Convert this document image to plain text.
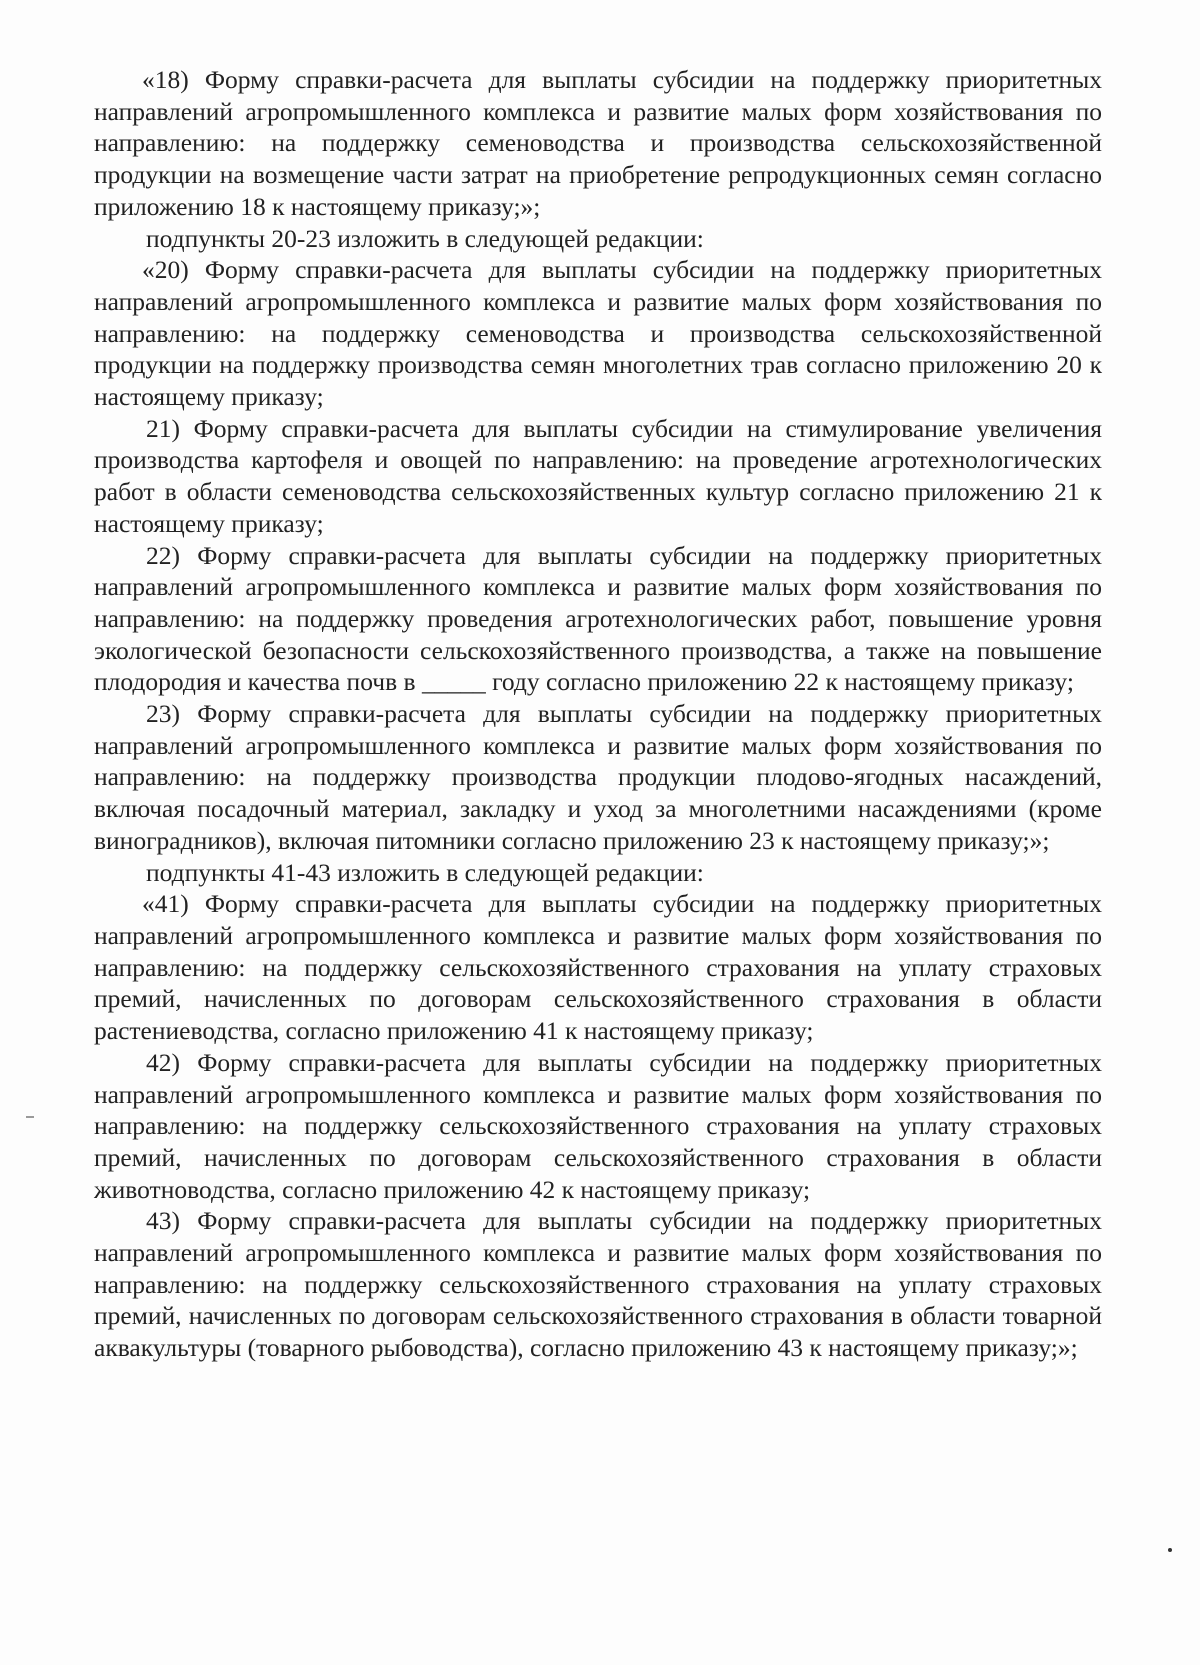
«18) Форму справки-расчета для выплаты субсидии на поддержку приоритетных направлений агропромышленного комплекса и развитие малых форм хозяйствования по направлению: на поддержку семеноводства и производства сельскохозяйственной продукции на возмещение части затрат на приобретение репродукционных семян согласно приложению 18 к настоящему приказу;»;

подпункты 20-23 изложить в следующей редакции:

«20) Форму справки-расчета для выплаты субсидии на поддержку приоритетных направлений агропромышленного комплекса и развитие малых форм хозяйствования по направлению: на поддержку семеноводства и производства сельскохозяйственной продукции на поддержку производства семян многолетних трав согласно приложению 20 к настоящему приказу;

21) Форму справки-расчета для выплаты субсидии на стимулирование увеличения производства картофеля и овощей по направлению: на проведение агротехнологических работ в области семеноводства сельскохозяйственных культур согласно приложению 21 к настоящему приказу;

22) Форму справки-расчета для выплаты субсидии на поддержку приоритетных направлений агропромышленного комплекса и развитие малых форм хозяйствования по направлению: на поддержку проведения агротехнологических работ, повышение уровня экологической безопасности сельскохозяйственного производства, а также на повышение плодородия и качества почв в _____ году согласно приложению 22 к настоящему приказу;

23) Форму справки-расчета для выплаты субсидии на поддержку приоритетных направлений агропромышленного комплекса и развитие малых форм хозяйствования по направлению: на поддержку производства продукции плодово-ягодных насаждений, включая посадочный материал, закладку и уход за многолетними насаждениями (кроме виноградников), включая питомники согласно приложению 23 к настоящему приказу;»;

подпункты 41-43 изложить в следующей редакции:

«41) Форму справки-расчета для выплаты субсидии на поддержку приоритетных направлений агропромышленного комплекса и развитие малых форм хозяйствования по направлению: на поддержку сельскохозяйственного страхования на уплату страховых премий, начисленных по договорам сельскохозяйственного страхования в области растениеводства, согласно приложению 41 к настоящему приказу;

42) Форму справки-расчета для выплаты субсидии на поддержку приоритетных направлений агропромышленного комплекса и развитие малых форм хозяйствования по направлению: на поддержку сельскохозяйственного страхования на уплату страховых премий, начисленных по договорам сельскохозяйственного страхования в области животноводства, согласно приложению 42 к настоящему приказу;

43) Форму справки-расчета для выплаты субсидии на поддержку приоритетных направлений агропромышленного комплекса и развитие малых форм хозяйствования по направлению: на поддержку сельскохозяйственного страхования на уплату страховых премий, начисленных по договорам сельскохозяйственного страхования в области товарной аквакультуры (товарного рыбоводства), согласно приложению 43 к настоящему приказу;»;
